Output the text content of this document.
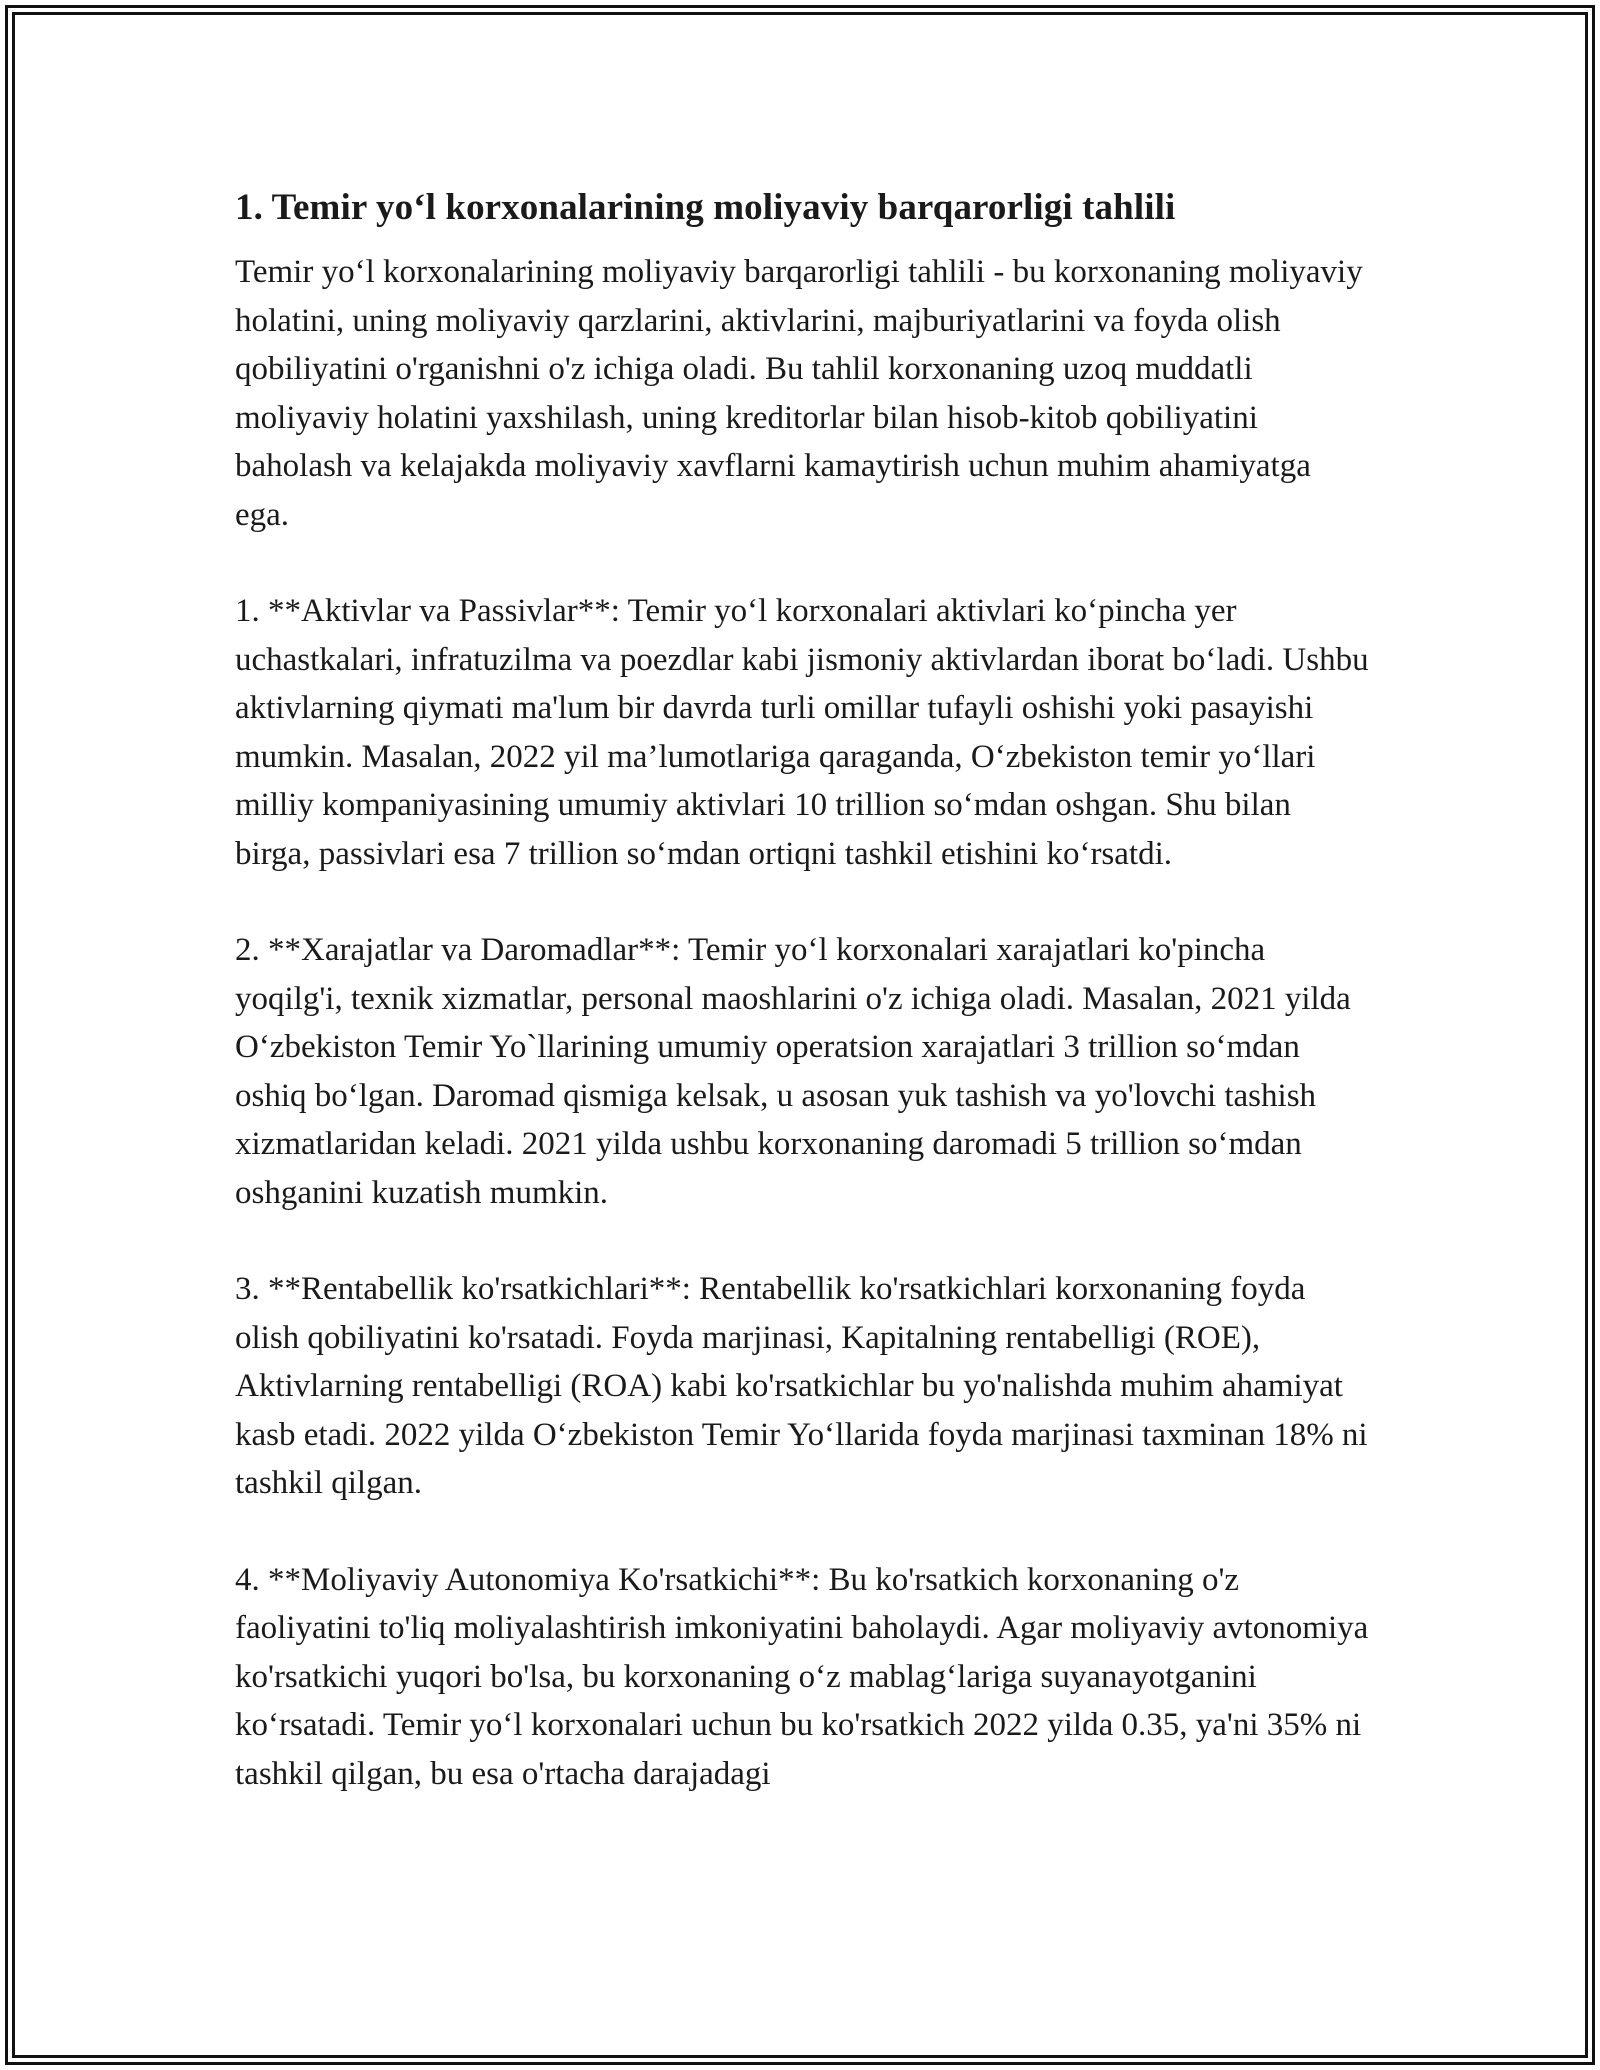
1. Temir yo‘l korxonalarining moliyaviy barqarorligi tahlili

Temir yo‘l korxonalarining moliyaviy barqarorligi tahlili - bu korxonaning moliyaviy holatini, uning moliyaviy qarzlarini, aktivlarini, majburiyatlarini va foyda olish qobiliyatini o'rganishni o'z ichiga oladi. Bu tahlil korxonaning uzoq muddatli moliyaviy holatini yaxshilash, uning kreditorlar bilan hisob-kitob qobiliyatini baholash va kelajakda moliyaviy xavflarni kamaytirish uchun muhim ahamiyatga ega.

1. **Aktivlar va Passivlar**: Temir yo‘l korxonalari aktivlari ko‘pincha yer uchastkalari, infratuzilma va poezdlar kabi jismoniy aktivlardan iborat bo‘ladi. Ushbu aktivlarning qiymati ma'lum bir davrda turli omillar tufayli oshishi yoki pasayishi mumkin. Masalan, 2022 yil ma’lumotlariga qaraganda, O‘zbekiston temir yo‘llari milliy kompaniyasining umumiy aktivlari 10 trillion so‘mdan oshgan. Shu bilan birga, passivlari esa 7 trillion so‘mdan ortiqni tashkil etishini ko‘rsatdi.

2. **Xarajatlar va Daromadlar**: Temir yo‘l korxonalari xarajatlari ko'pincha yoqilg'i, texnik xizmatlar, personal maoshlarini o'z ichiga oladi. Masalan, 2021 yilda O‘zbekiston Temir Yo`llarining umumiy operatsion xarajatlari 3 trillion so‘mdan oshiq bo‘lgan. Daromad qismiga kelsak, u asosan yuk tashish va yo'lovchi tashish xizmatlaridan keladi. 2021 yilda ushbu korxonaning daromadi 5 trillion so‘mdan oshganini kuzatish mumkin.

3. **Rentabellik ko'rsatkichlari**: Rentabellik ko'rsatkichlari korxonaning foyda olish qobiliyatini ko'rsatadi. Foyda marjinasi, Kapitalning rentabelligi (ROE), Aktivlarning rentabelligi (ROA) kabi ko'rsatkichlar bu yo'nalishda muhim ahamiyat kasb etadi. 2022 yilda O‘zbekiston Temir Yo‘llarida foyda marjinasi taxminan 18% ni tashkil qilgan.

4. **Moliyaviy Autonomiya Ko'rsatkichi**: Bu ko'rsatkich korxonaning o'z faoliyatini to'liq moliyalashtirish imkoniyatini baholaydi. Agar moliyaviy avtonomiya ko'rsatkichi yuqori bo'lsa, bu korxonaning o‘z mablag‘lariga suyanayotganini ko‘rsatadi. Temir yo‘l korxonalari uchun bu ko'rsatkich 2022 yilda 0.35, ya'ni 35% ni tashkil qilgan, bu esa o'rtacha darajadagi
